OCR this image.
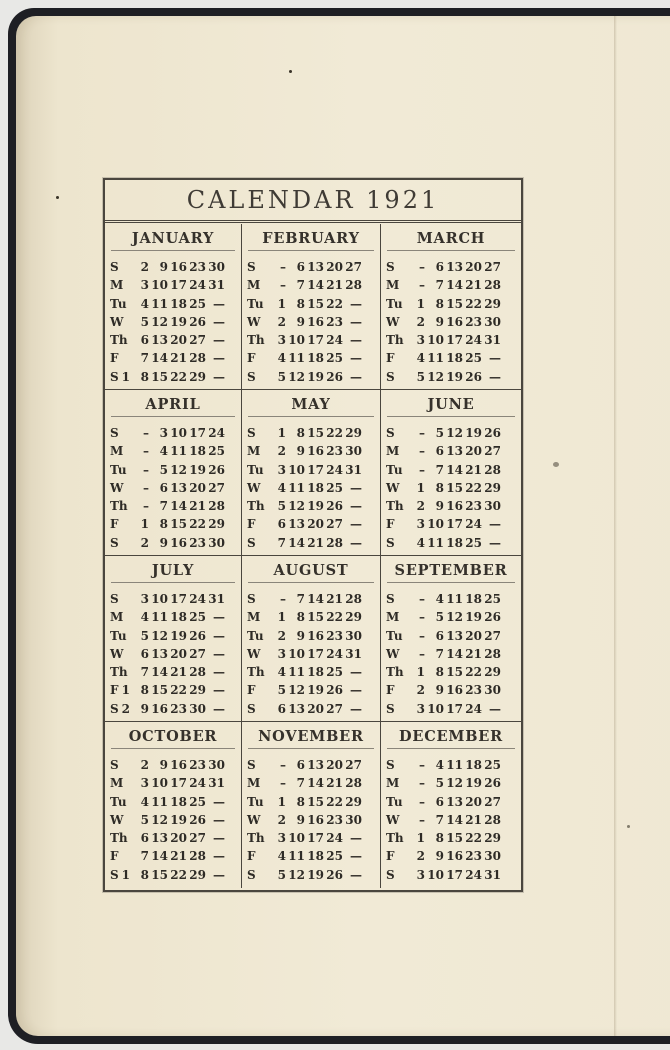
CALENDAR 1921
JANUARY
S	2 9 16 23 30
M	3 10 17 24 31
Tu	4 11 18 25 —
W	5 12 19 26 —
Th	6 13 20 27 —
F	7 14 21 28 —
S 1 8 15 22 29 —
FEBRUARY
S	– 6 13 20 27
M	– 7 14 21 28
Tu	1 8 15 22 —
W	2 9 16 23 —
Th	3 10 17 24 —
F	4 11 18 25 —
S	5 12 19 26 —
MARCH
S	– 6 13 20 27
M	– 7 14 21 28
Tu	1 8 15 22 29
W	2 9 16 23 30
Th	3 10 17 24 31
F	4 11 18 25 —
S	5 12 19 26 —
APRIL
S	– 3 10 17 24
M	– 4 11 18 25
Tu	– 5 12 19 26
W	– 6 13 20 27
Th	– 7 14 21 28
F	1 8 15 22 29
S	2 9 16 23 30
MAY
S	1 8 15 22 29
M	2 9 16 23 30
Tu	3 10 17 24 31
W	4 11 18 25 —
Th	5 12 19 26 —
F	6 13 20 27 —
S	7 14 21 28 —
JUNE
S	– 5 12 19 26
M	– 6 13 20 27
Tu	– 7 14 21 28
W	1 8 15 22 29
Th	2 9 16 23 30
F	3 10 17 24 —
S	4 11 18 25 —
JULY
S	3 10 17 24 31
M	4 11 18 25 —
Tu	5 12 19 26 —
W	6 13 20 27 —
Th	7 14 21 28 —
F 1 8 15 22 29 —
S 2 9 16 23 30 —
AUGUST
S	– 7 14 21 28
M	1 8 15 22 29
Tu	2 9 16 23 30
W	3 10 17 24 31
Th	4 11 18 25 —
F	5 12 19 26 —
S	6 13 20 27 —
SEPTEMBER
S	– 4 11 18 25
M	– 5 12 19 26
Tu	– 6 13 20 27
W	– 7 14 21 28
Th	1 8 15 22 29
F	2 9 16 23 30
S	3 10 17 24 —
OCTOBER
S	2 9 16 23 30
M	3 10 17 24 31
Tu	4 11 18 25 —
W	5 12 19 26 —
Th	6 13 20 27 —
F	7 14 21 28 —
S 1 8 15 22 29 —
NOVEMBER
S	– 6 13 20 27
M	– 7 14 21 28
Tu	1 8 15 22 29
W	2 9 16 23 30
Th	3 10 17 24 —
F	4 11 18 25 —
S	5 12 19 26 —
DECEMBER
S	– 4 11 18 25
M	– 5 12 19 26
Tu	– 6 13 20 27
W	– 7 14 21 28
Th	1 8 15 22 29
F	2 9 16 23 30
S	3 10 17 24 31
